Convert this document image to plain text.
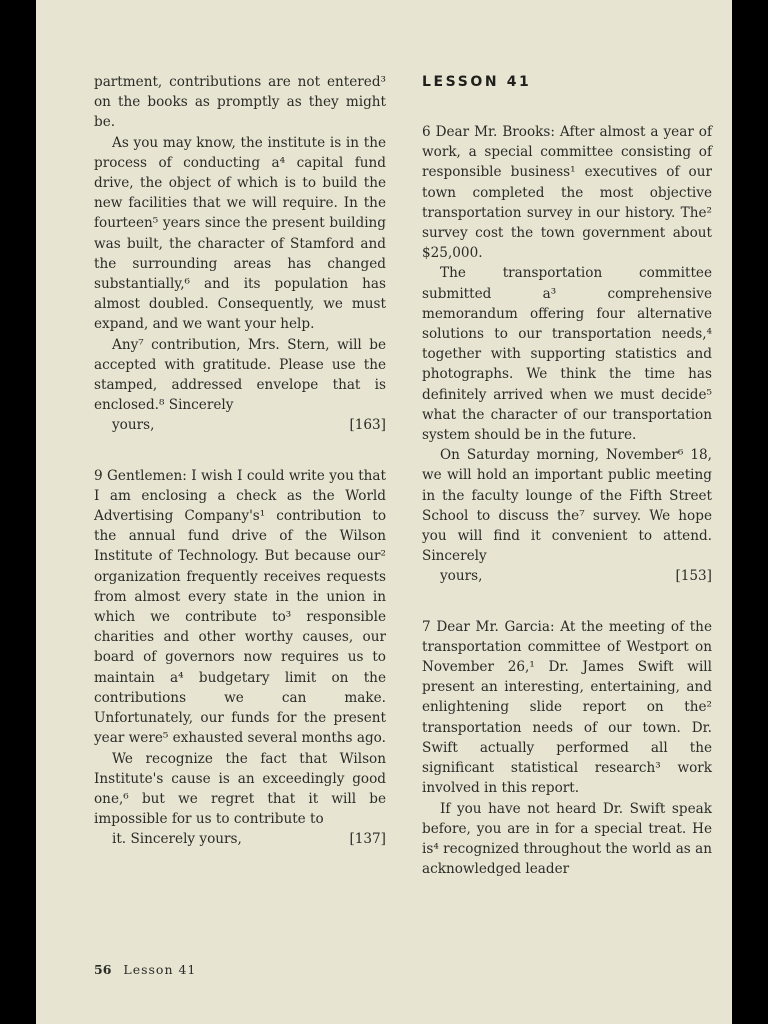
partment, contributions are not entered³ on the books as promptly as they might be.

As you may know, the institute is in the process of conducting a⁴ capital fund drive, the object of which is to build the new facilities that we will require. In the fourteen⁵ years since the present building was built, the character of Stamford and the surrounding areas has changed substantially,⁶ and its population has almost doubled. Consequently, we must expand, and we want your help.

Any⁷ contribution, Mrs. Stern, will be accepted with gratitude. Please use the stamped, addressed envelope that is enclosed.⁸ Sincerely

yours,	[163]

9 Gentlemen: I wish I could write you that I am enclosing a check as the World Advertising Company's¹ contribution to the annual fund drive of the Wilson Institute of Technology. But because our² organization frequently receives requests from almost every state in the union in which we contribute to³ responsible charities and other worthy causes, our board of governors now requires us to maintain a⁴ budgetary limit on the contributions we can make. Unfortunately, our funds for the present year were⁵ exhausted several months ago.

We recognize the fact that Wilson Institute's cause is an exceedingly good one,⁶ but we regret that it will be impossible for us to contribute to

it. Sincerely yours,	[137]

LESSON 41

6 Dear Mr. Brooks: After almost a year of work, a special committee consisting of responsible business¹ executives of our town completed the most objective transportation survey in our history. The² survey cost the town government about $25,000.

The transportation committee submitted a³ comprehensive memorandum offering four alternative solutions to our transportation needs,⁴ together with supporting statistics and photographs. We think the time has definitely arrived when we must decide⁵ what the character of our transportation system should be in the future.

On Saturday morning, November⁶ 18, we will hold an important public meeting in the faculty lounge of the Fifth Street School to discuss the⁷ survey. We hope you will find it convenient to attend. Sincerely

yours,	[153]

7 Dear Mr. Garcia: At the meeting of the transportation committee of Westport on November 26,¹ Dr. James Swift will present an interesting, entertaining, and enlightening slide report on the² transportation needs of our town. Dr. Swift actually performed all the significant statistical research³ work involved in this report.

If you have not heard Dr. Swift speak before, you are in for a special treat. He is⁴ recognized throughout the world as an acknowledged leader

56 Lesson 41
